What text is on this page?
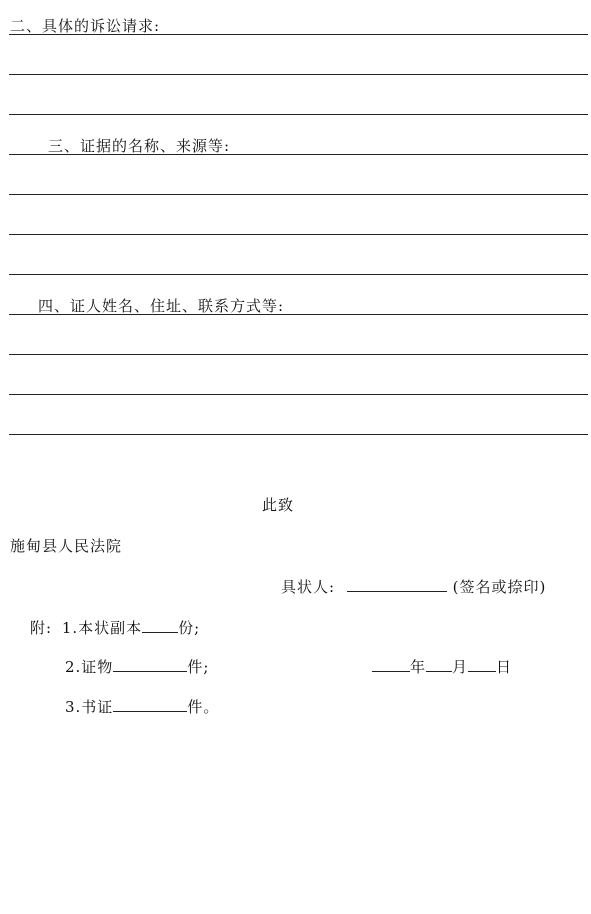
二、具体的诉讼请求:
三、证据的名称、来源等:
四、证人姓名、住址、联系方式等:
此致
施甸县人民法院
具状人:	(签名或捺印)
附: 1.本状副本 份;
2.证物	件;	年 月 日
3.书证	件。
